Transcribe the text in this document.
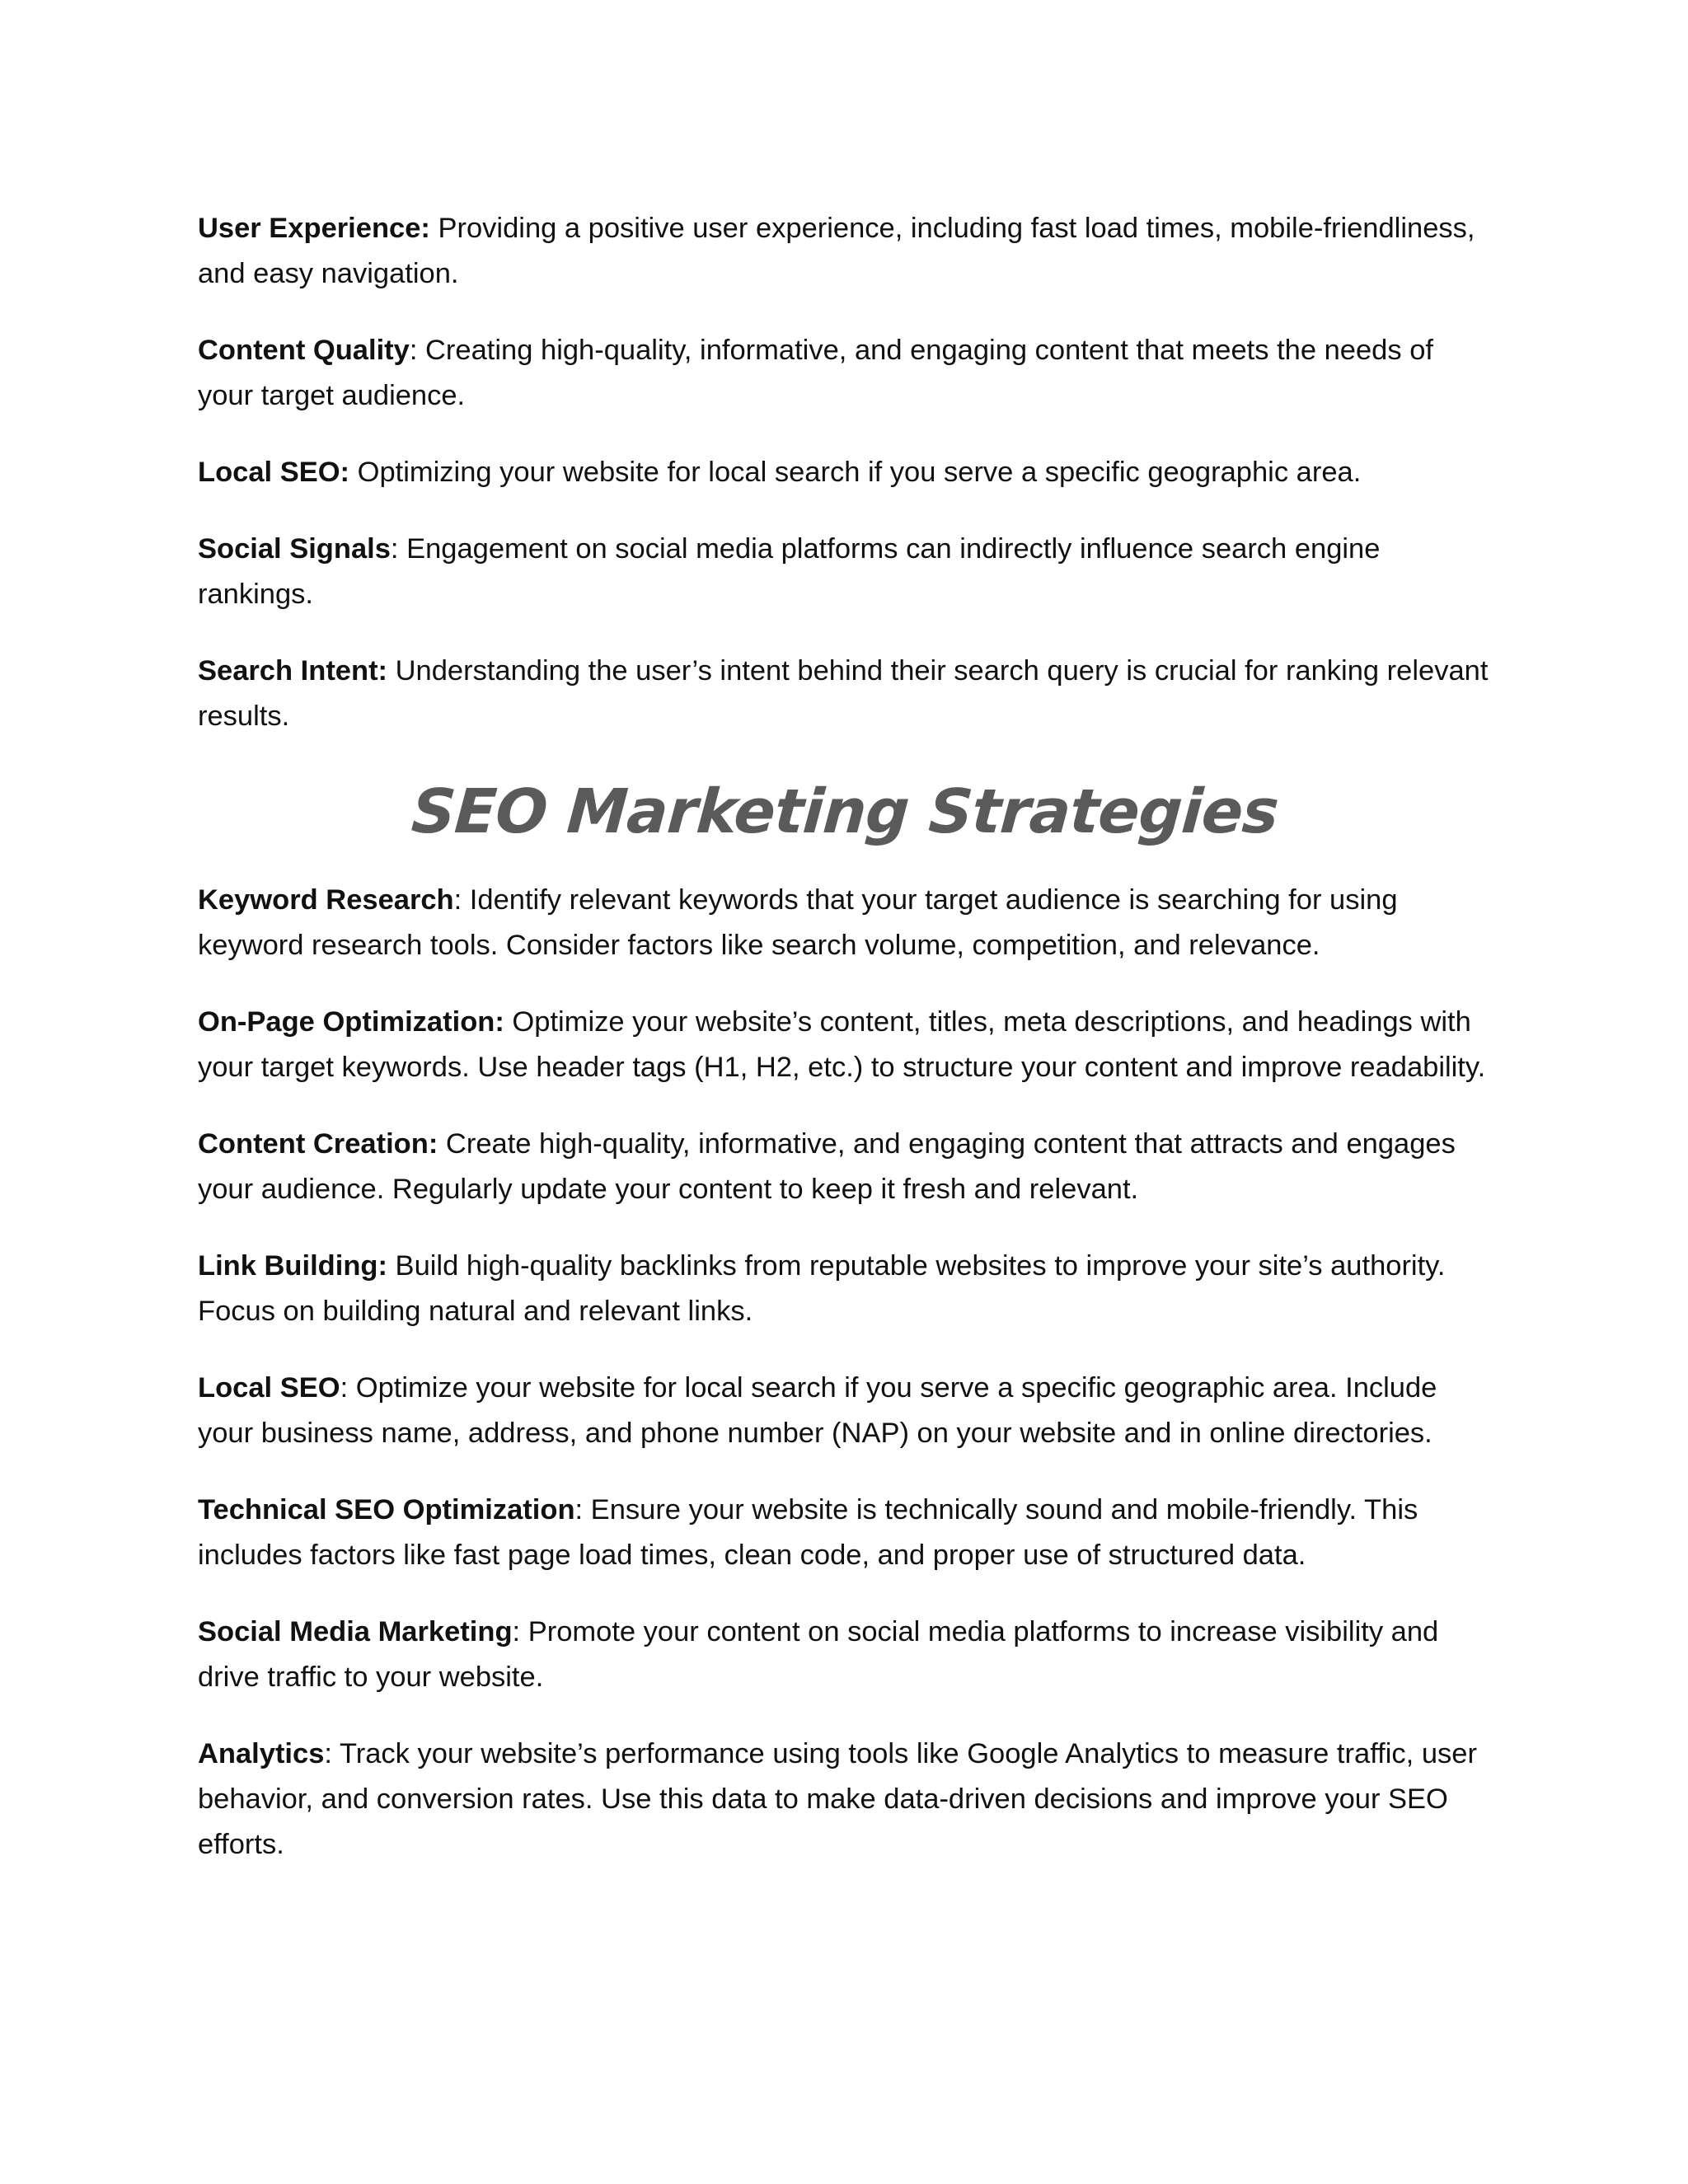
User Experience: Providing a positive user experience, including fast load times, mobile-friendliness, and easy navigation.

Content Quality: Creating high-quality, informative, and engaging content that meets the needs of your target audience.

Local SEO: Optimizing your website for local search if you serve a specific geographic area.

Social Signals: Engagement on social media platforms can indirectly influence search engine rankings.

Search Intent: Understanding the user’s intent behind their search query is crucial for ranking relevant results.

SEO Marketing Strategies

Keyword Research: Identify relevant keywords that your target audience is searching for using keyword research tools. Consider factors like search volume, competition, and relevance.

On-Page Optimization: Optimize your website’s content, titles, meta descriptions, and headings with your target keywords. Use header tags (H1, H2, etc.) to structure your content and improve readability.

Content Creation: Create high-quality, informative, and engaging content that attracts and engages your audience. Regularly update your content to keep it fresh and relevant.

Link Building: Build high-quality backlinks from reputable websites to improve your site’s authority. Focus on building natural and relevant links.

Local SEO: Optimize your website for local search if you serve a specific geographic area. Include your business name, address, and phone number (NAP) on your website and in online directories.

Technical SEO Optimization: Ensure your website is technically sound and mobile-friendly. This includes factors like fast page load times, clean code, and proper use of structured data.

Social Media Marketing: Promote your content on social media platforms to increase visibility and drive traffic to your website.

Analytics: Track your website’s performance using tools like Google Analytics to measure traffic, user behavior, and conversion rates. Use this data to make data-driven decisions and improve your SEO efforts.
